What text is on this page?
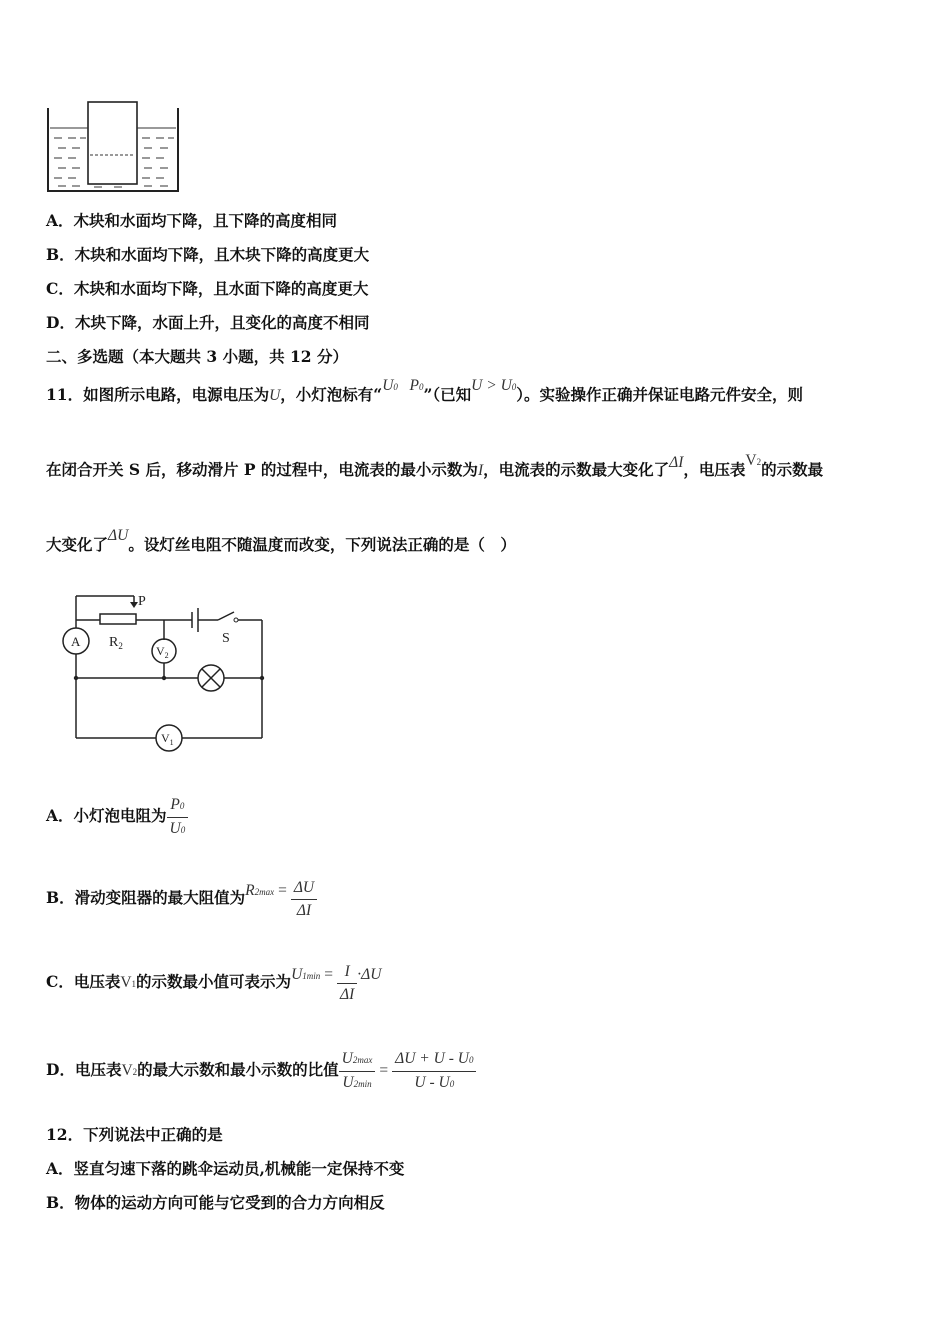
A．木块和水面均下降，且下降的高度相同
B．木块和水面均下降，且木块下降的高度更大
C．木块和水面均下降，且水面下降的高度更大
D．木块下降，水面上升，且变化的高度不相同
二、多选题（本大题共 3 小题，共 12 分）
11．如图所示电路，电源电压为U，小灯泡标有“U0   P0”（已知U > U0）。实验操作正确并保证电路元件安全，则
在闭合开关 S 后，移动滑片 P 的过程中，电流表的最小示数为I，电流表的示数最大变化了ΔI，电压表V2的示数最
大变化了ΔU。设灯丝电阻不随温度而改变，下列说法正确的是（　）
P
$R_2$	S
A
$V_2$
$V_1$
A．小灯泡电阻为 $\frac{P0}{U0}$
B．滑动变阻器的最大阻值为$R2\max = \frac{\Delta U}{\Delta I}$
C．电压表V1的示数最小值可表示为$U1\min = \frac{I}{\Delta I} \cdot\Delta U$
D．电压表V2的最大示数和最小示数的比值 $\frac{U2\max}{U2\min} = \frac{\Delta U + U - U0}{U - U0}$
12．下列说法中正确的是
A．竖直匀速下落的跳伞运动员,机械能一定保持不变
B．物体的运动方向可能与它受到的合力方向相反
